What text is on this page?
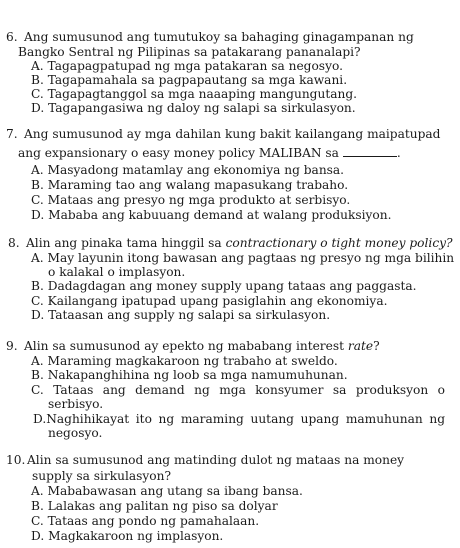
6. Ang sumusunod ang tumutukoy sa bahaging ginagampanan ng
Bangko Sentral ng Pilipinas sa patakarang pananalapi?
A. Tagapagpatupad ng mga patakaran sa negosyo.
B. Tagapamahala sa pagpapautang sa mga kawani.
C. Tagapagtanggol sa mga naaaping mangungutang.
D. Tagapangasiwa ng daloy ng salapi sa sirkulasyon.
7. Ang sumusunod ay mga dahilan kung bakit kailangang maipatupad
ang expansionary o easy money policy MALIBAN sa	.
A. Masyadong matamlay ang ekonomiya ng bansa.
B. Maraming tao ang walang mapasukang trabaho.
C. Mataas ang presyo ng mga produkto at serbisyo.
D. Mababa ang kabuuang demand at walang produksiyon.
8. Alin ang pinaka tama hinggil sa contractionary o tight money policy?
A. May layunin itong bawasan ang pagtaas ng presyo ng mga bilihin
o kalakal o implasyon.
B. Dadagdagan ang money supply upang tataas ang paggasta.
C. Kailangang ipatupad upang pasiglahin ang ekonomiya.
D. Tataasan ang supply ng salapi sa sirkulasyon.
9. Alin sa sumusunod ay epekto ng mababang interest rate?
A. Maraming magkakaroon ng trabaho at sweldo.
B. Nakapanghihina ng loob sa mga namumuhunan.
C. Tataas ang demand ng mga konsyumer sa produksyon o
serbisyo.
D.Naghihikayat ito ng maraming uutang upang mamuhunan ng
negosyo.
10. Alin sa sumusunod ang matinding dulot ng mataas na money
supply sa sirkulasyon?
A. Mababawasan ang utang sa ibang bansa.
B. Lalakas ang palitan ng piso sa dolyar
C. Tataas ang pondo ng pamahalaan.
D. Magkakaroon ng implasyon.
